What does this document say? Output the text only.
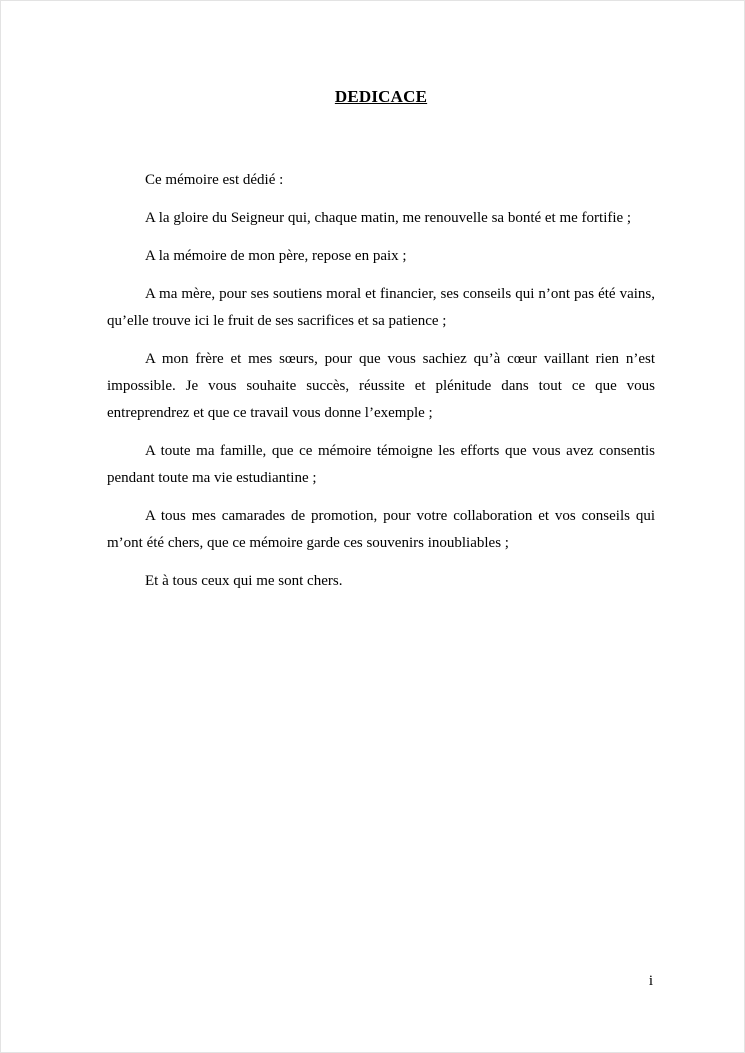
DEDICACE

Ce mémoire est dédié :

A la gloire du Seigneur qui, chaque matin, me renouvelle sa bonté et me fortifie ;

A la mémoire de mon père, repose en paix ;

A ma mère, pour ses soutiens moral et financier, ses conseils qui n’ont pas été vains, qu’elle trouve ici le fruit de ses sacrifices et sa patience ;

A mon frère et mes sœurs, pour que vous sachiez qu’à cœur vaillant rien n’est impossible. Je vous souhaite succès, réussite et plénitude dans tout ce que vous entreprendrez et que ce travail vous donne l’exemple ;

A toute ma famille, que ce mémoire témoigne les efforts que vous avez consentis pendant toute ma vie estudiantine ;

A tous mes camarades de promotion, pour votre collaboration et vos conseils qui m’ont été chers, que ce mémoire garde ces souvenirs inoubliables ;

Et à tous ceux qui me sont chers.

i
